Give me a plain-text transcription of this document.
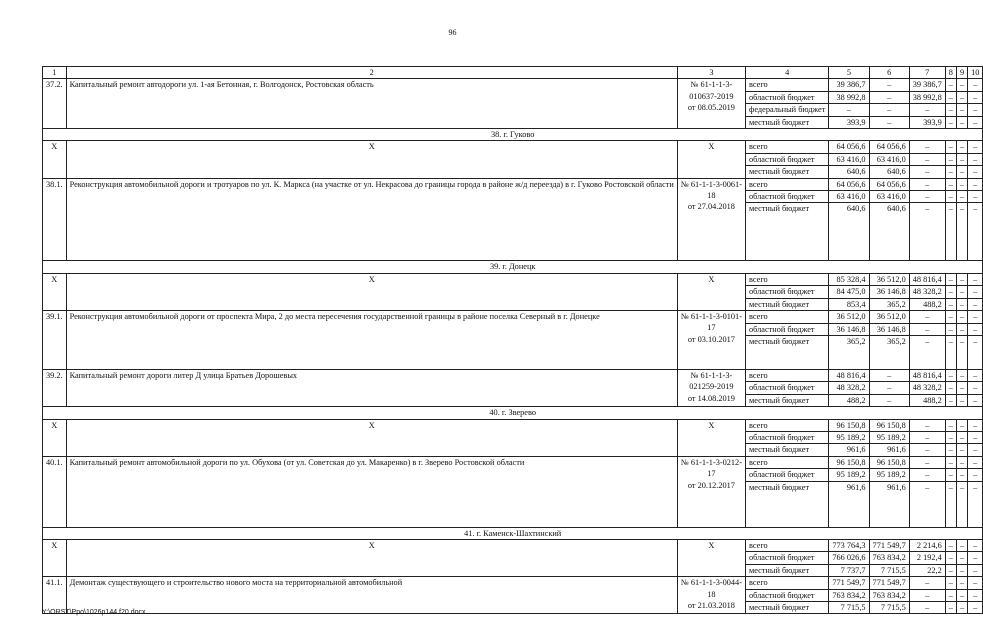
96
1	2	3	4	5	6	7	8	9	10
37.2.	Капитальный ремонт автодороги ул. 1-ая Бетонная, г. Волгодонск, Ростовская область	№ 61-1-1-3-
010637-2019
от 08.05.2019	всего	39 386,7	–	39 386,7	–	–	–
			областной бюджет	38 992,8	–	38 992,8	–	–	–
			федеральный бюджет	–	–	–	–	–	–
			местный бюджет	393,9	–	393,9	–	–	–
38. г. Гуково									
Х	Х	Х	всего	64 056,6	64 056,6	–	–	–	–
			областной бюджет	63 416,0	63 416,0	–	–	–	–
			местный бюджет	640,6	640,6	–	–	–	–
38.1.	Реконструкция автомобильной дороги и тротуаров по ул. К. Маркса (на участке от ул. Некрасова до границы города в районе ж/д переезда) в г. Гуково Ростовской области	№ 61-1-1-3-0061-
18
от 27.04.2018	всего	64 056,6	64 056,6	–	–	–	–
			областной бюджет	63 416,0	63 416,0	–	–	–	–
			местный бюджет	640,6	640,6	–	–	–	–
39. г. Донецк									
Х	Х	Х	всего	85 328,4	36 512,0	48 816,4	–	–	–
			областной бюджет	84 475,0	36 146,8	48 328,2	–	–	–
			местный бюджет	853,4	365,2	488,2	–	–	–
39.1.	Реконструкция автомобильной дороги от проспекта Мира, 2 до места пересечения государственной границы в районе поселка Северный в г. Донецке	№ 61-1-1-3-0101-
17
от 03.10.2017	всего	36 512,0	36 512,0	–	–	–	–
			областной бюджет	36 146,8	36 146,8	–	–	–	–
			местный бюджет	365,2	365,2	–	–	–	–
39.2.	Капитальный ремонт дороги литер Д улица Братьев Дорошевых	№ 61-1-1-3-
021259-2019
от 14.08.2019	всего	48 816,4	–	48 816,4	–	–	–
			областной бюджет	48 328,2	–	48 328,2	–	–	–
			местный бюджет	488,2	–	488,2	–	–	–
40. г. Зверево									
Х	Х	Х	всего	96 150,8	96 150,8	–	–	–	–
			областной бюджет	95 189,2	95 189,2	–	–	–	–
			местный бюджет	961,6	961,6	–	–	–	–
40.1.	Капитальный ремонт автомобильной дороги по ул. Обухова (от ул. Советская до ул. Макаренко) в г. Зверево Ростовской области	№ 61-1-1-3-0212-
17
от 20.12.2017	всего	96 150,8	96 150,8	–	–	–	–
			областной бюджет	95 189,2	95 189,2	–	–	–	–
			местный бюджет	961,6	961,6	–	–	–	–
41. г. Каменск-Шахтинский									
Х	Х	Х	всего	773 764,3	771 549,7	2 214,6	–	–	–
			областной бюджет	766 026,6	763 834,2	2 192,4	–	–	–
			местный бюджет	7 737,7	7 715,5	22,2	–	–	–
41.1.	Демонтаж существующего и строительство нового моста на территориальной автомобильной	№ 61-1-1-3-0044-
18
от 21.03.2018	всего	771 549,7	771 549,7	–	–	–	–
			областной бюджет	763 834,2	763 834,2	–	–	–	–
			местный бюджет	7 715,5	7 715,5	–	–	–	–
Y:\ORST\Ppo\1026p144.f20.docx
